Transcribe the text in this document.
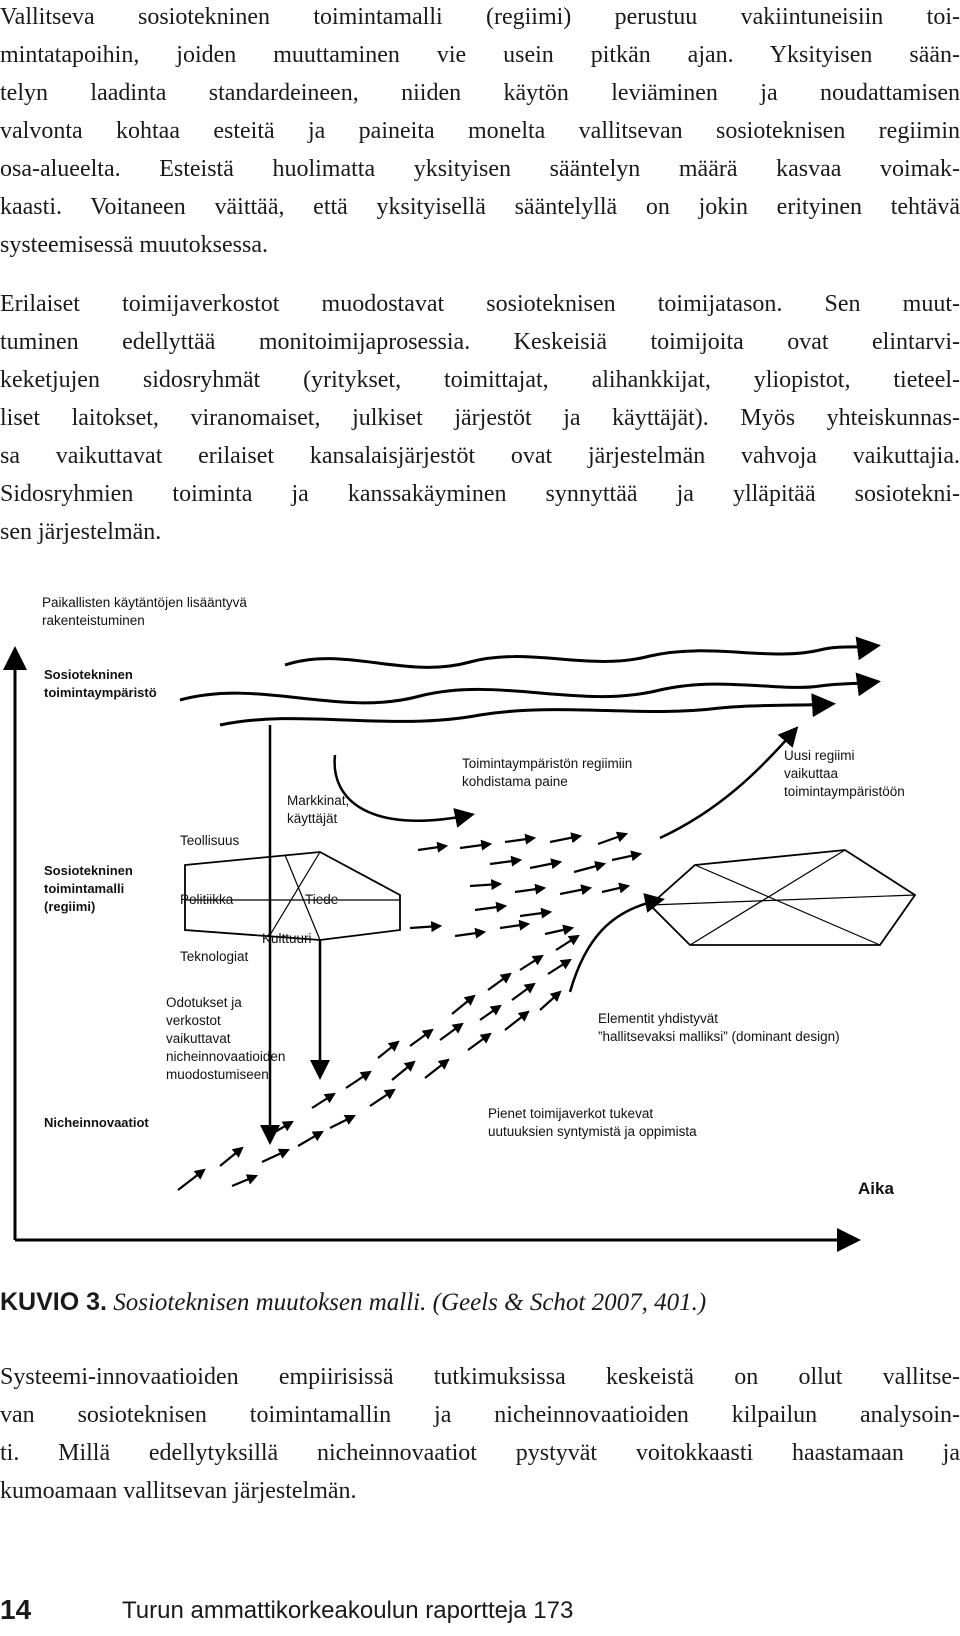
Vallitseva sosiotekninen toimintamalli (regiimi) perustuu vakiintuneisiin toi-
mintatapoihin, joiden muuttaminen vie usein pitkän ajan. Yksityisen sään-
telyn laadinta standardeineen, niiden käytön leviäminen ja noudattamisen
valvonta kohtaa esteitä ja paineita monelta vallitsevan sosioteknisen regiimin
osa-alueelta. Esteistä huolimatta yksityisen sääntelyn määrä kasvaa voimak-
kaasti. Voitaneen väittää, että yksityisellä sääntelyllä on jokin erityinen tehtävä
systeemisessä muutoksessa.
Erilaiset toimijaverkostot muodostavat sosioteknisen toimijatason. Sen muut-
tuminen edellyttää monitoimijaprosessia. Keskeisiä toimijoita ovat elintarvi-
keketjujen sidosryhmät (yritykset, toimittajat, alihankkijat, yliopistot, tieteel-
liset laitokset, viranomaiset, julkiset järjestöt ja käyttäjät). Myös yhteiskunnas-
sa vaikuttavat erilaiset kansalaisjärjestöt ovat järjestelmän vahvoja vaikuttajia.
Sidosryhmien toiminta ja kanssakäyminen synnyttää ja ylläpitää sosiotekni-
sen järjestelmän.
Paikallisten käytäntöjen lisääntyvä
rakenteistuminen
Aika
Sosiotekninen
toimintaympäristö
Sosiotekninen
toimintamalli
(regiimi)
Nicheinnovaatiot
Teollisuus
Markkinat,
käyttäjät
Politiikka	Tiede
Kulttuuri
Teknologiat
Toimintaympäristön regiimiin
kohdistama paine
Uusi regiimi
vaikuttaa
toimintaympäristöön
Odotukset ja
verkostot
vaikuttavat
nicheinnovaatioiden
muodostumiseen
Elementit yhdistyvät
”hallitsevaksi malliksi” (dominant design)
Pienet toimijaverkot tukevat
uutuuksien syntymistä ja oppimista
KUVIO 3. Sosioteknisen muutoksen malli. (Geels & Schot 2007, 401.)
Systeemi-innovaatioiden empiirisissä tutkimuksissa keskeistä on ollut vallitse-
van sosioteknisen toimintamallin ja nicheinnovaatioiden kilpailun analysoin-
ti. Millä edellytyksillä nicheinnovaatiot pystyvät voitokkaasti haastamaan ja
kumoamaan vallitsevan järjestelmän.
14	Turun ammattikorkeakoulun raportteja 173
